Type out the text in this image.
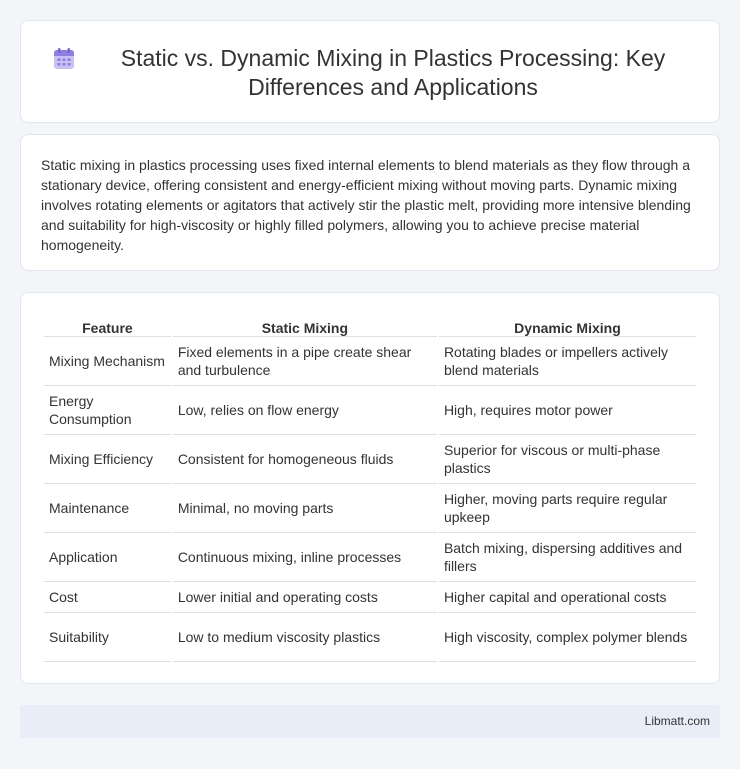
Static vs. Dynamic Mixing in Plastics Processing: Key Differences and Applications

Static mixing in plastics processing uses fixed internal elements to blend materials as they flow through a stationary device, offering consistent and energy-efficient mixing without moving parts. Dynamic mixing involves rotating elements or agitators that actively stir the plastic melt, providing more intensive blending and suitability for high-viscosity or highly filled polymers, allowing you to achieve precise material homogeneity.

Feature	Static Mixing	Dynamic Mixing
Mixing Mechanism	Fixed elements in a pipe create shear and turbulence	Rotating blades or impellers actively blend materials
Energy Consumption	Low, relies on flow energy	High, requires motor power
Mixing Efficiency	Consistent for homogeneous fluids	Superior for viscous or multi-phase plastics
Maintenance	Minimal, no moving parts	Higher, moving parts require regular upkeep
Application	Continuous mixing, inline processes	Batch mixing, dispersing additives and fillers
Cost	Lower initial and operating costs	Higher capital and operational costs
Suitability	Low to medium viscosity plastics	High viscosity, complex polymer blends
Libmatt.com
